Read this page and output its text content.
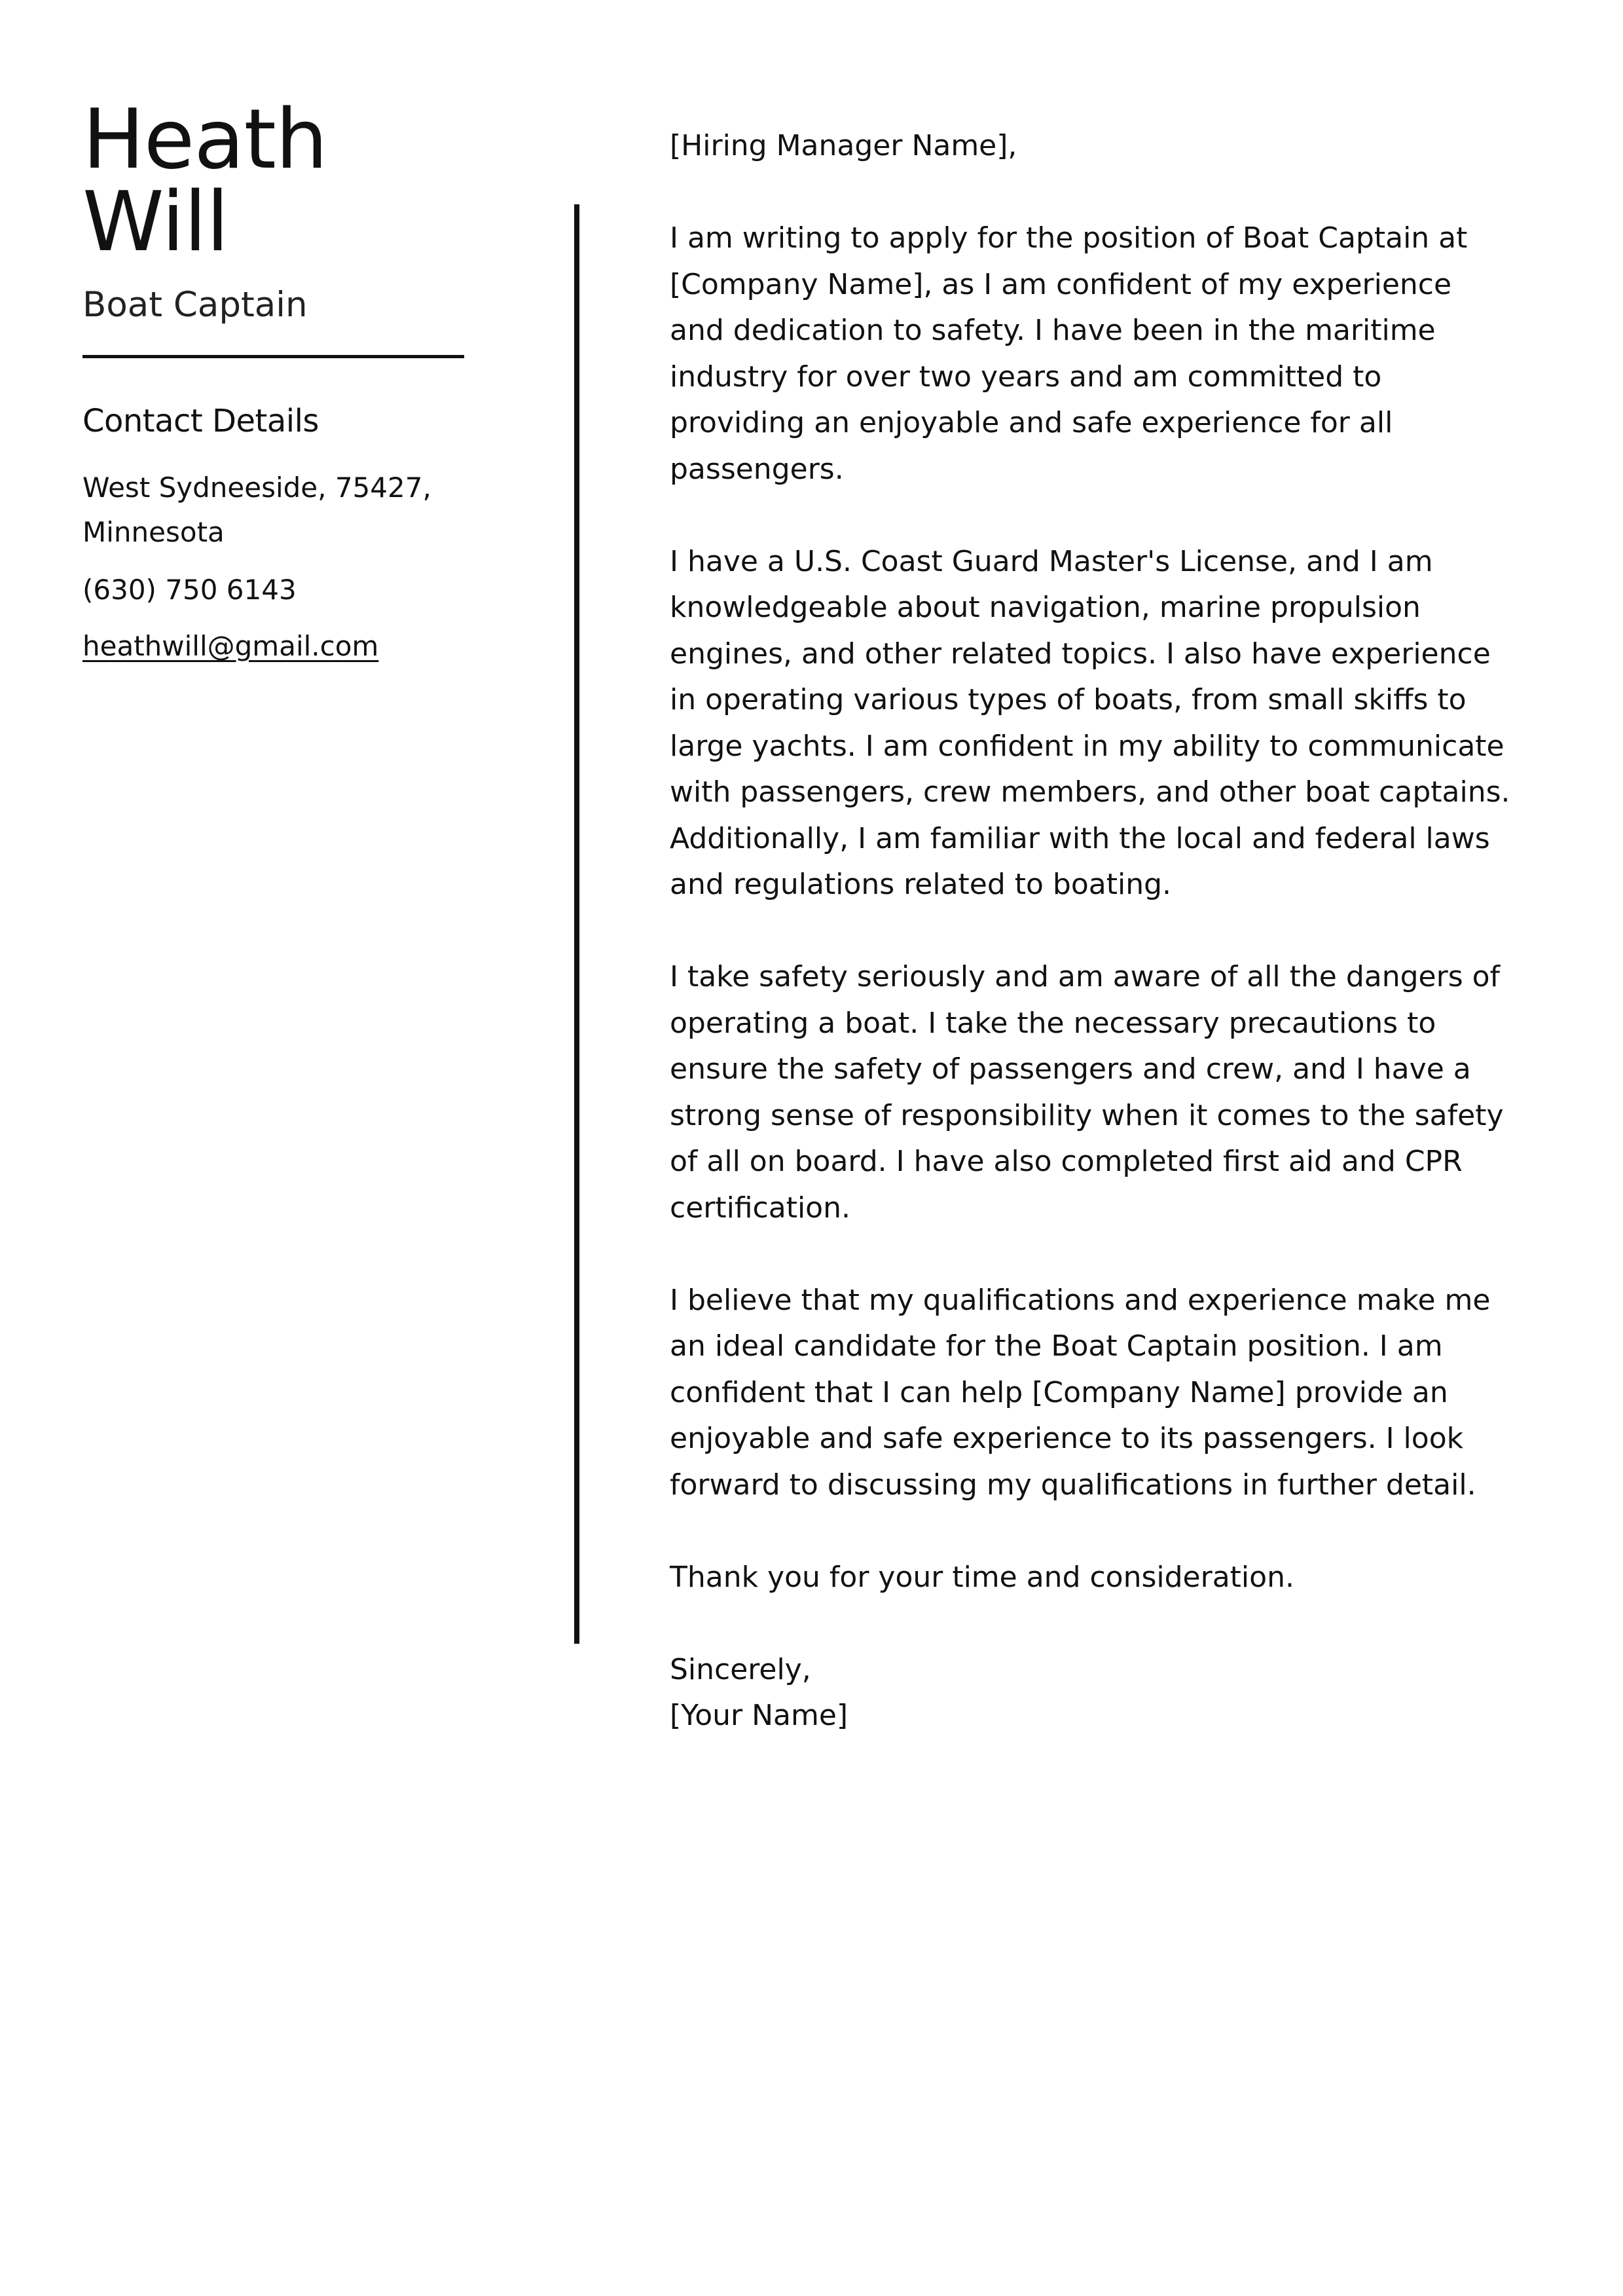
Heath
Will
Boat Captain
Contact Details
West Sydneeside, 75427, Minnesota
(630) 750 6143
heathwill@gmail.com

[Hiring Manager Name],

I am writing to apply for the position of Boat Captain at [Company Name], as I am confident of my experience and dedication to safety. I have been in the maritime industry for over two years and am committed to providing an enjoyable and safe experience for all passengers.

I have a U.S. Coast Guard Master's License, and I am knowledgeable about navigation, marine propulsion engines, and other related topics. I also have experience in operating various types of boats, from small skiffs to large yachts. I am confident in my ability to communicate with passengers, crew members, and other boat captains. Additionally, I am familiar with the local and federal laws and regulations related to boating.

I take safety seriously and am aware of all the dangers of operating a boat. I take the necessary precautions to ensure the safety of passengers and crew, and I have a strong sense of responsibility when it comes to the safety of all on board. I have also completed first aid and CPR certification.

I believe that my qualifications and experience make me an ideal candidate for the Boat Captain position. I am confident that I can help [Company Name] provide an enjoyable and safe experience to its passengers. I look forward to discussing my qualifications in further detail.

Thank you for your time and consideration.

Sincerely,

[Your Name]
